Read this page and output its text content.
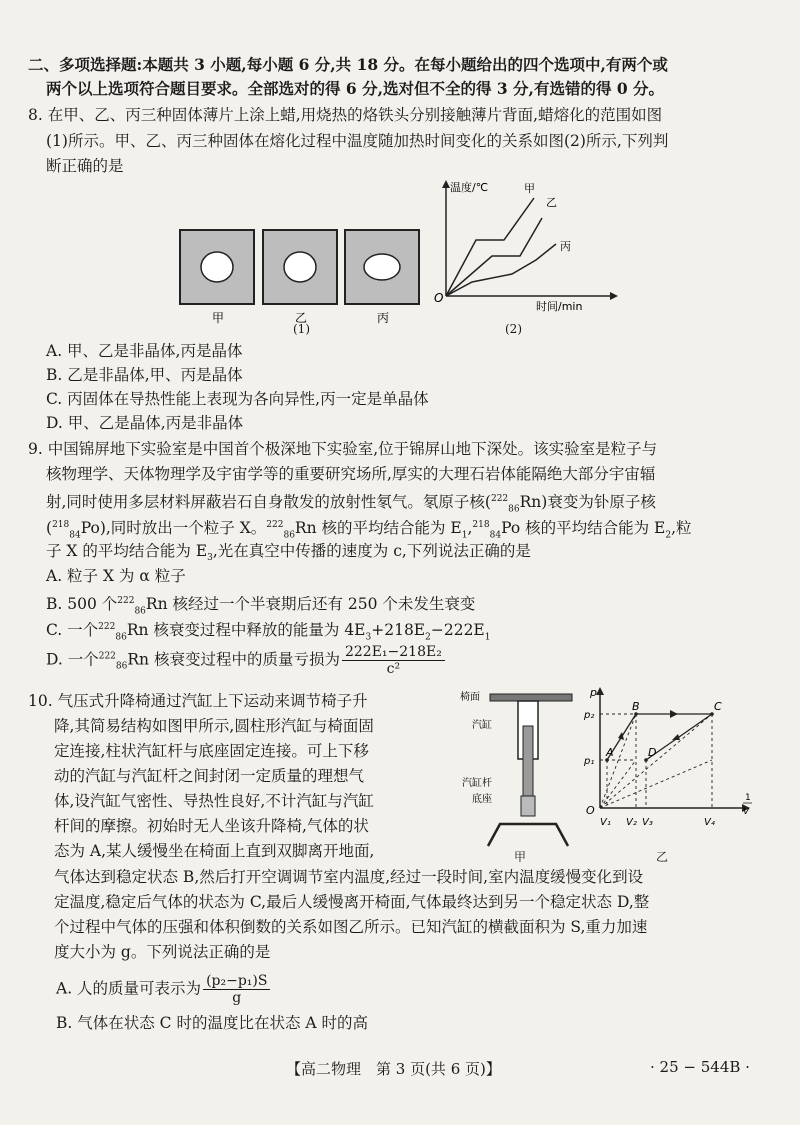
二、多项选择题:本题共 3 小题,每小题 6 分,共 18 分。在每小题给出的四个选项中,有两个或
两个以上选项符合题目要求。全部选对的得 6 分,选对但不全的得 3 分,有选错的得 0 分。
8. 在甲、乙、丙三种固体薄片上涂上蜡,用烧热的烙铁头分别接触薄片背面,蜡熔化的范围如图
(1)所示。甲、乙、丙三种固体在熔化过程中温度随加热时间变化的关系如图(2)所示,下列判
断正确的是
甲	乙	丙
(1)
温度/℃
时间/min
O
甲
乙
丙
(2)
A. 甲、乙是非晶体,丙是晶体
B. 乙是非晶体,甲、丙是晶体
C. 丙固体在导热性能上表现为各向异性,丙一定是单晶体
D. 甲、乙是晶体,丙是非晶体
9. 中国锦屏地下实验室是中国首个极深地下实验室,位于锦屏山地下深处。该实验室是粒子与
核物理学、天体物理学及宇宙学等的重要研究场所,厚实的大理石岩体能隔绝大部分宇宙辐
射,同时使用多层材料屏蔽岩石自身散发的放射性氡气。氡原子核($^{222}_{86}$Rn)衰变为钋原子核
($^{218}_{84}$Po),同时放出一个粒子 X。$^{222}_{86}$Rn 核的平均结合能为 $E_1,^{218}_{84}Po$ 核的平均结合能为 $E_2$,粒
子 X 的平均结合能为 $E_3$,光在真空中传播的速度为 c,下列说法正确的是
A. 粒子 X 为 α 粒子
B. 500 个$^{222}_{86}$Rn 核经过一个半衰期后还有 250 个未发生衰变
C. 一个$^{222}_{86}$Rn 核衰变过程中释放的能量为 $4E_3+218E_2-222E_1$
D. 一个$^{222}_{86}$Rn 核衰变过程中的质量亏损为 $\frac{\text{222E₁−218E₂}}{\text{c²}}$
10. 气压式升降椅通过汽缸上下运动来调节椅子升
降,其简易结构如图甲所示,圆柱形汽缸与椅面固
定连接,柱状汽缸杆与底座固定连接。可上下移
动的汽缸与汽缸杆之间封闭一定质量的理想气
体,设汽缸气密性、导热性良好,不计汽缸与汽缸
杆间的摩擦。初始时无人坐该升降椅,气体的状
态为 A,某人缓慢坐在椅面上直到双脚离开地面,
气体达到稳定状态 B,然后打开空调调节室内温度,经过一段时间,室内温度缓慢变化到设
定温度,稳定后气体的状态为 C,最后人缓慢离开椅面,气体最终达到另一个稳定状态 D,整
个过程中气体的压强和体积倒数的关系如图乙所示。已知汽缸的横截面积为 S,重力加速
度大小为 g。下列说法正确的是
A. 人的质量可表示为 $\frac{\text{(p₂−p₁)S}}{g}$
B. 气体在状态 C 时的温度比在状态 A 时的高
椅面
汽缸
汽缸杆
底座
甲
p
1
V
O
A
B	C
D
p₂
p₁
V₁ V₂ V₃	V₄
乙
【高二物理　第 3 页(共 6 页)】	· 25 − 544B ·
